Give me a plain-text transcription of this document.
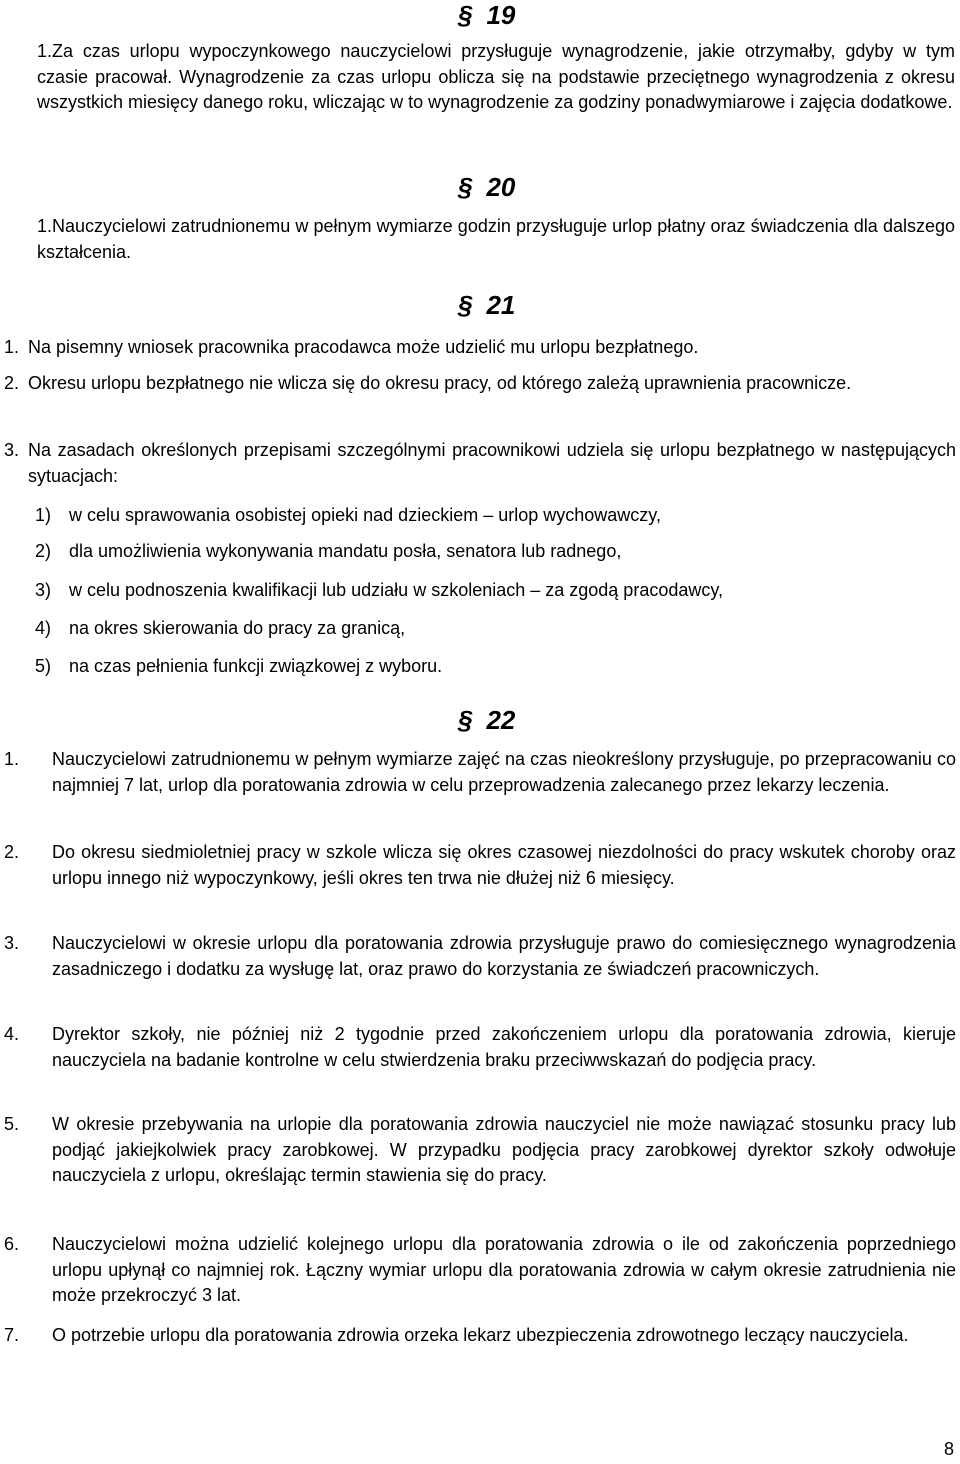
§ 19
1.Za czas urlopu wypoczynkowego nauczycielowi przysługuje wynagrodzenie, jakie otrzymałby, gdyby w tym czasie pracował. Wynagrodzenie za czas urlopu oblicza się na podstawie przeciętnego wynagrodzenia z okresu wszystkich miesięcy danego roku, wliczając w to wynagrodzenie za godziny ponadwymiarowe i zajęcia dodatkowe.
§ 20
1.Nauczycielowi zatrudnionemu w pełnym wymiarze godzin przysługuje urlop płatny oraz świadczenia dla dalszego kształcenia.
§ 21
1. Na pisemny wniosek pracownika pracodawca może udzielić mu urlopu bezpłatnego.
2. Okresu urlopu bezpłatnego nie wlicza się do okresu pracy, od którego zależą uprawnienia pracownicze.
3. Na zasadach określonych przepisami szczególnymi pracownikowi udziela się urlopu bezpłatnego w następujących sytuacjach:
1) w celu sprawowania osobistej opieki nad dzieckiem – urlop wychowawczy,
2) dla umożliwienia wykonywania mandatu posła, senatora lub radnego,
3) w celu podnoszenia kwalifikacji lub udziału w szkoleniach – za zgodą pracodawcy,
4) na okres skierowania do pracy za granicą,
5) na czas pełnienia funkcji związkowej z wyboru.
§ 22
1.	Nauczycielowi zatrudnionemu w pełnym wymiarze zajęć na czas nieokreślony przysługuje, po przepracowaniu co najmniej 7 lat, urlop dla poratowania zdrowia w celu przeprowadzenia zalecanego przez lekarzy leczenia.
2.	Do okresu siedmioletniej pracy w szkole wlicza się okres czasowej niezdolności do pracy wskutek choroby oraz urlopu innego niż wypoczynkowy, jeśli okres ten trwa nie dłużej niż 6 miesięcy.
3.	Nauczycielowi w okresie urlopu dla poratowania zdrowia przysługuje prawo do comiesięcznego wynagrodzenia zasadniczego i dodatku za wysługę lat, oraz prawo do korzystania ze świadczeń pracowniczych.
4.	Dyrektor szkoły, nie później niż 2 tygodnie przed zakończeniem urlopu dla poratowania zdrowia, kieruje nauczyciela na badanie kontrolne w celu stwierdzenia braku przeciwwskazań do podjęcia pracy.
5.	W okresie przebywania na urlopie dla poratowania zdrowia nauczyciel nie może nawiązać stosunku pracy lub podjąć jakiejkolwiek pracy zarobkowej. W przypadku podjęcia pracy zarobkowej dyrektor szkoły odwołuje nauczyciela z urlopu, określając termin stawienia się do pracy.
6.	Nauczycielowi można udzielić kolejnego urlopu dla poratowania zdrowia o ile od zakończenia poprzedniego urlopu upłynął co najmniej rok. Łączny wymiar urlopu dla poratowania zdrowia w całym okresie zatrudnienia nie może przekroczyć 3 lat.
7.	O potrzebie urlopu dla poratowania zdrowia orzeka lekarz ubezpieczenia zdrowotnego leczący nauczyciela.
8
